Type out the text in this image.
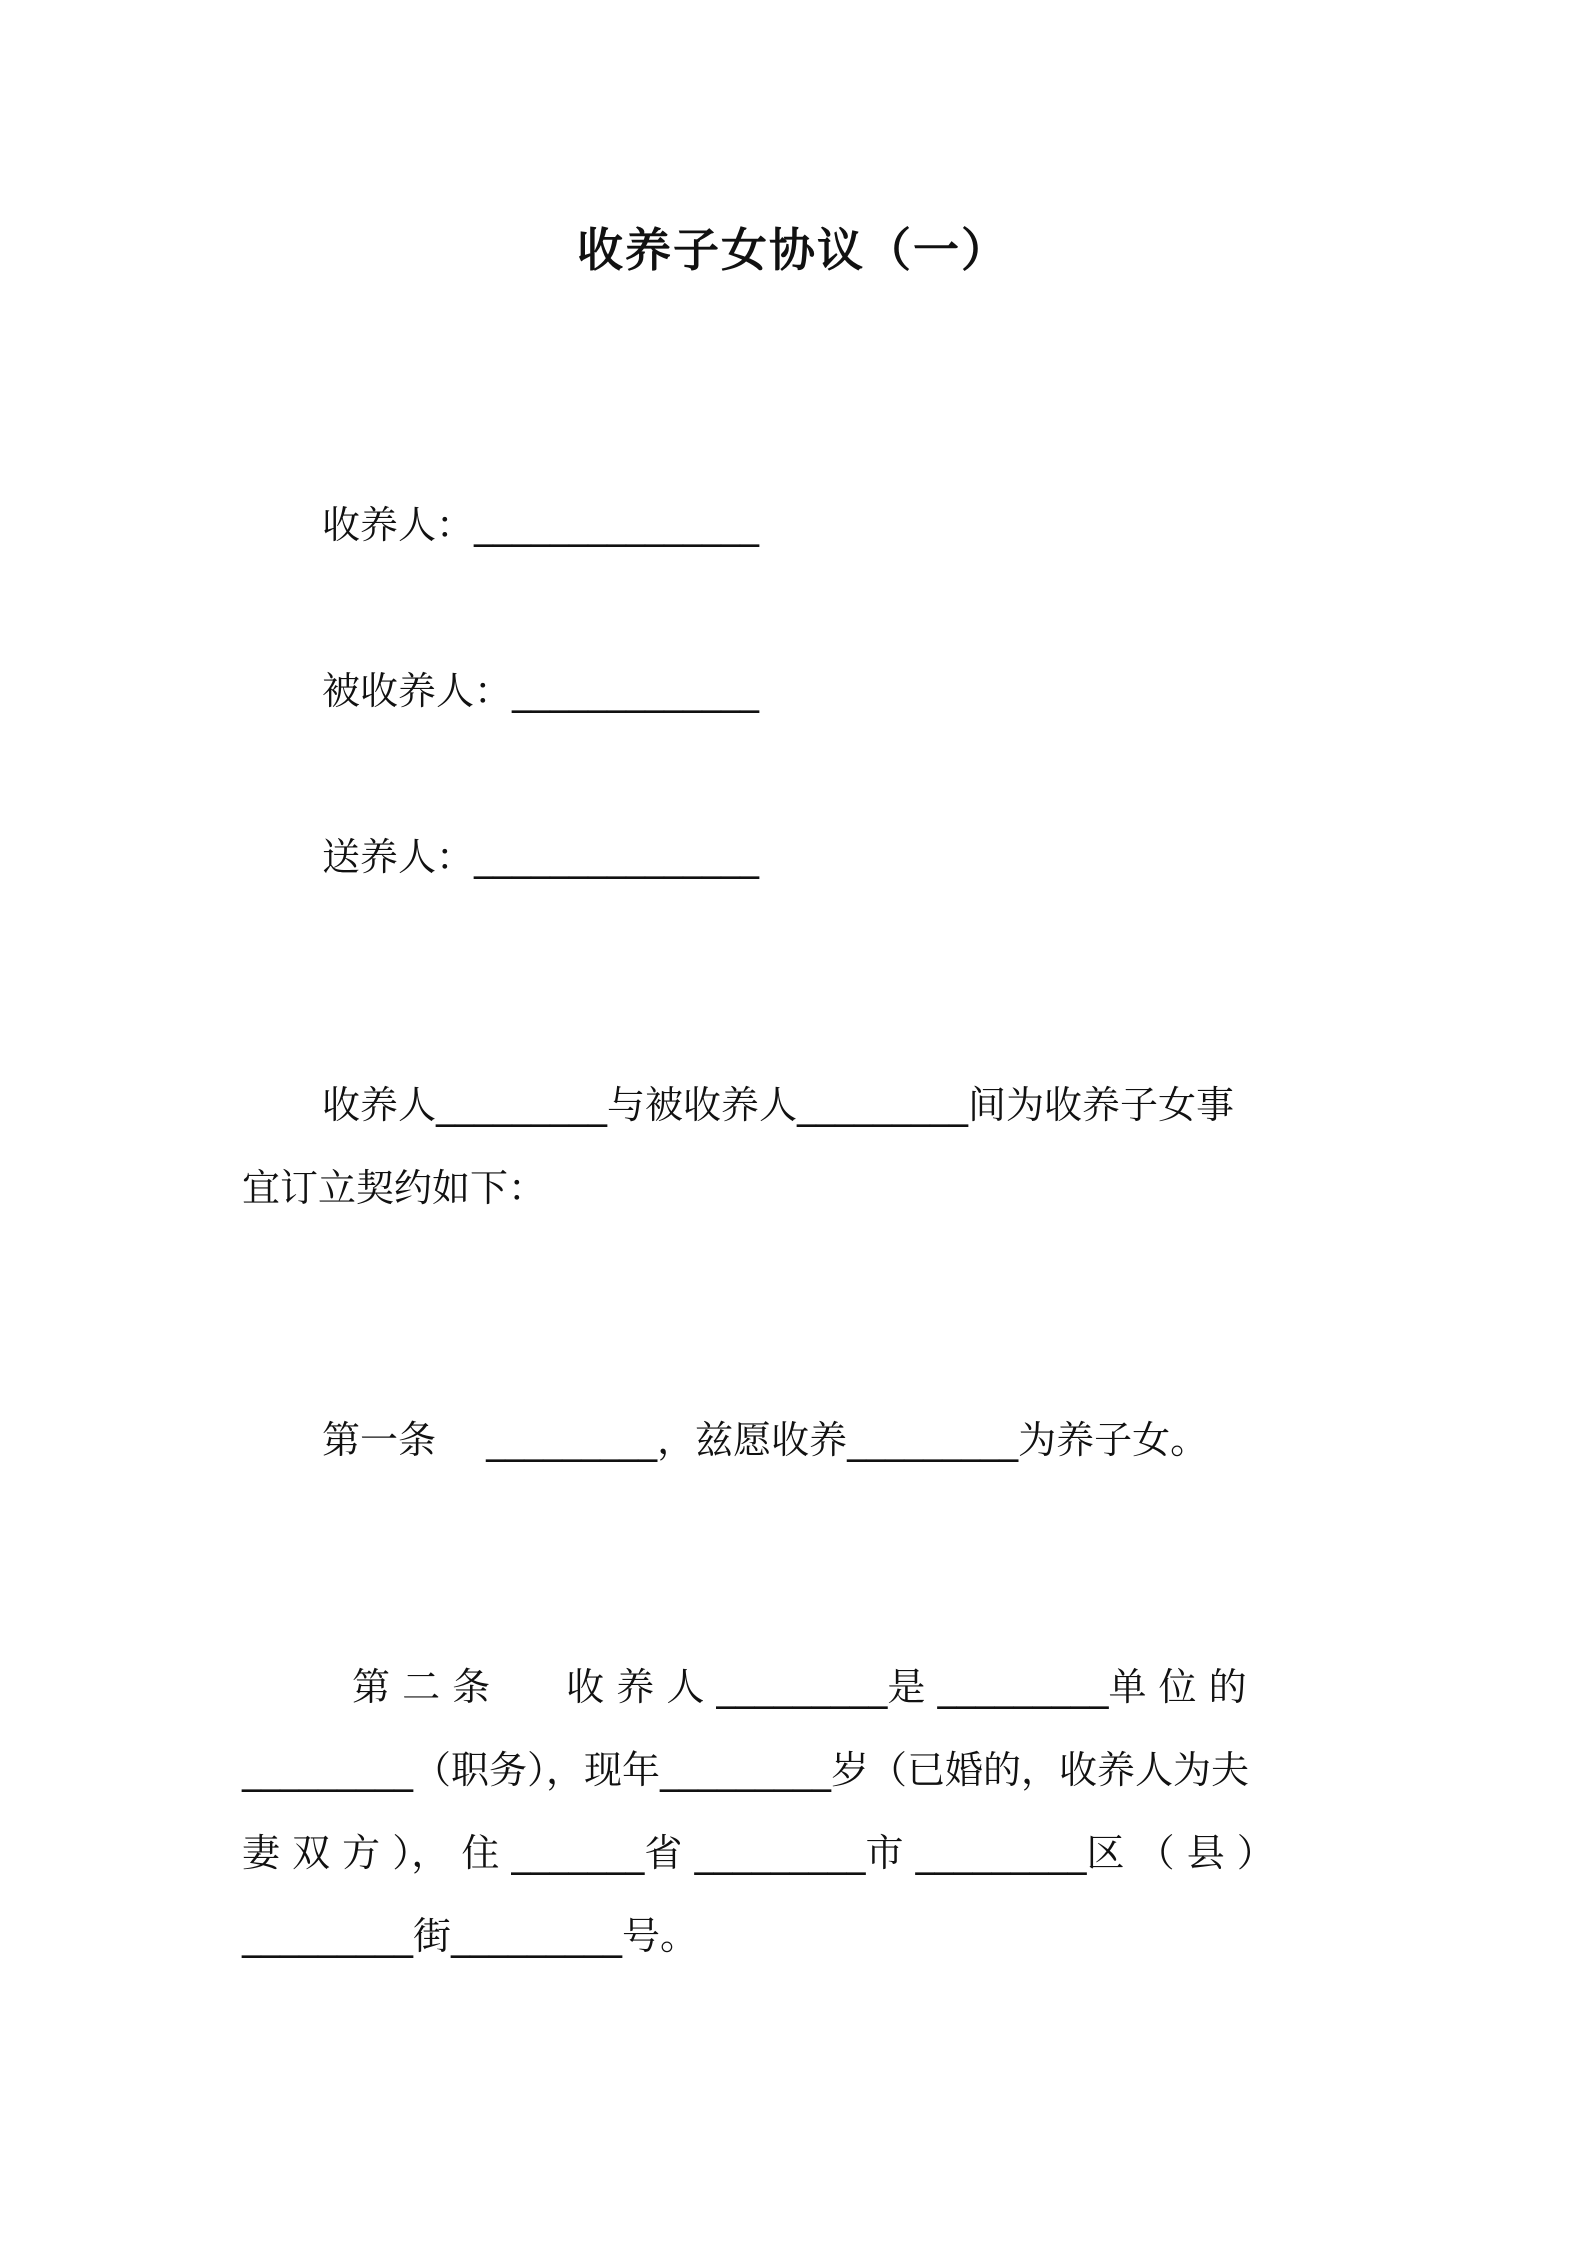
收养子女协议（一）
收养人：_______________
被收养人：_____________
送养人：_______________
收养人_________与被收养人_________间为收养子女事
宜订立契约如下：
第一条　 _________，兹愿收养_________为养子女。
第 二 条　　收 养 人 _________是 _________单 位 的
_________（职务），现年_________岁（已婚的，收养人为夫
妻 双 方 ）， 住 _______省 _________市 _________区 （ 县 ）
_________街_________号。
